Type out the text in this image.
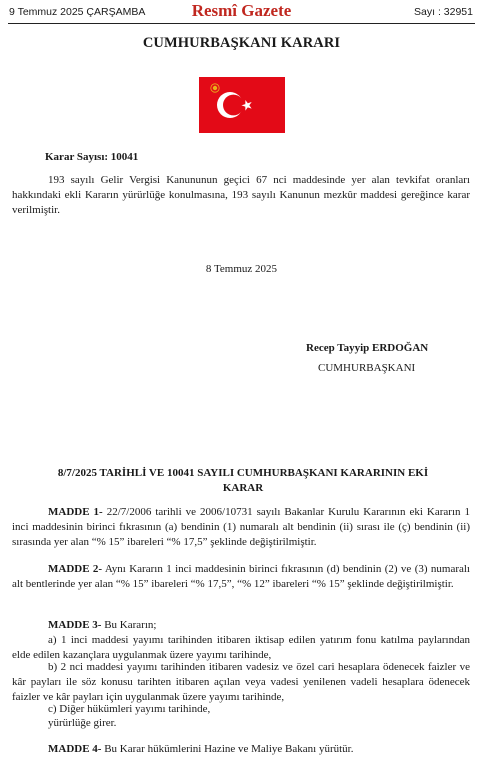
9 Temmuz 2025 ÇARŞAMBA	Resmî Gazete	Sayı : 32951
CUMHURBAŞKANI KARARI
Karar Sayısı: 10041
193 sayılı Gelir Vergisi Kanununun geçici 67 nci maddesinde yer alan tevkifat oranları hakkındaki ekli Kararın yürürlüğe konulmasına, 193 sayılı Kanunun mezkûr maddesi gereğince karar verilmiştir.
8 Temmuz 2025
Recep Tayyip ERDOĞAN
CUMHURBAŞKANI
8/7/2025 TARİHLİ VE 10041 SAYILI CUMHURBAŞKANI KARARININ EKİ KARAR
MADDE 1- 22/7/2006 tarihli ve 2006/10731 sayılı Bakanlar Kurulu Kararının eki Kararın 1 inci maddesinin birinci fıkrasının (a) bendinin (1) numaralı alt bendinin (ii) sırası ile (ç) bendinin (ii) sırasında yer alan “% 15” ibareleri “% 17,5” şeklinde değiştirilmiştir.
MADDE 2- Aynı Kararın 1 inci maddesinin birinci fıkrasının (d) bendinin (2) ve (3) numaralı alt bentlerinde yer alan “% 15” ibareleri “% 17,5”, “% 12” ibareleri “% 15” şeklinde değiştirilmiştir.
MADDE 3- Bu Kararın;
a) 1 inci maddesi yayımı tarihinden itibaren iktisap edilen yatırım fonu katılma paylarından elde edilen kazançlara uygulanmak üzere yayımı tarihinde,
b) 2 nci maddesi yayımı tarihinden itibaren vadesiz ve özel cari hesaplara ödenecek faizler ve kâr payları ile söz konusu tarihten itibaren açılan veya vadesi yenilenen vadeli hesaplara ödenecek faizler ve kâr payları için uygulanmak üzere yayımı tarihinde,
c) Diğer hükümleri yayımı tarihinde,
yürürlüğe girer.
MADDE 4- Bu Karar hükümlerini Hazine ve Maliye Bakanı yürütür.
